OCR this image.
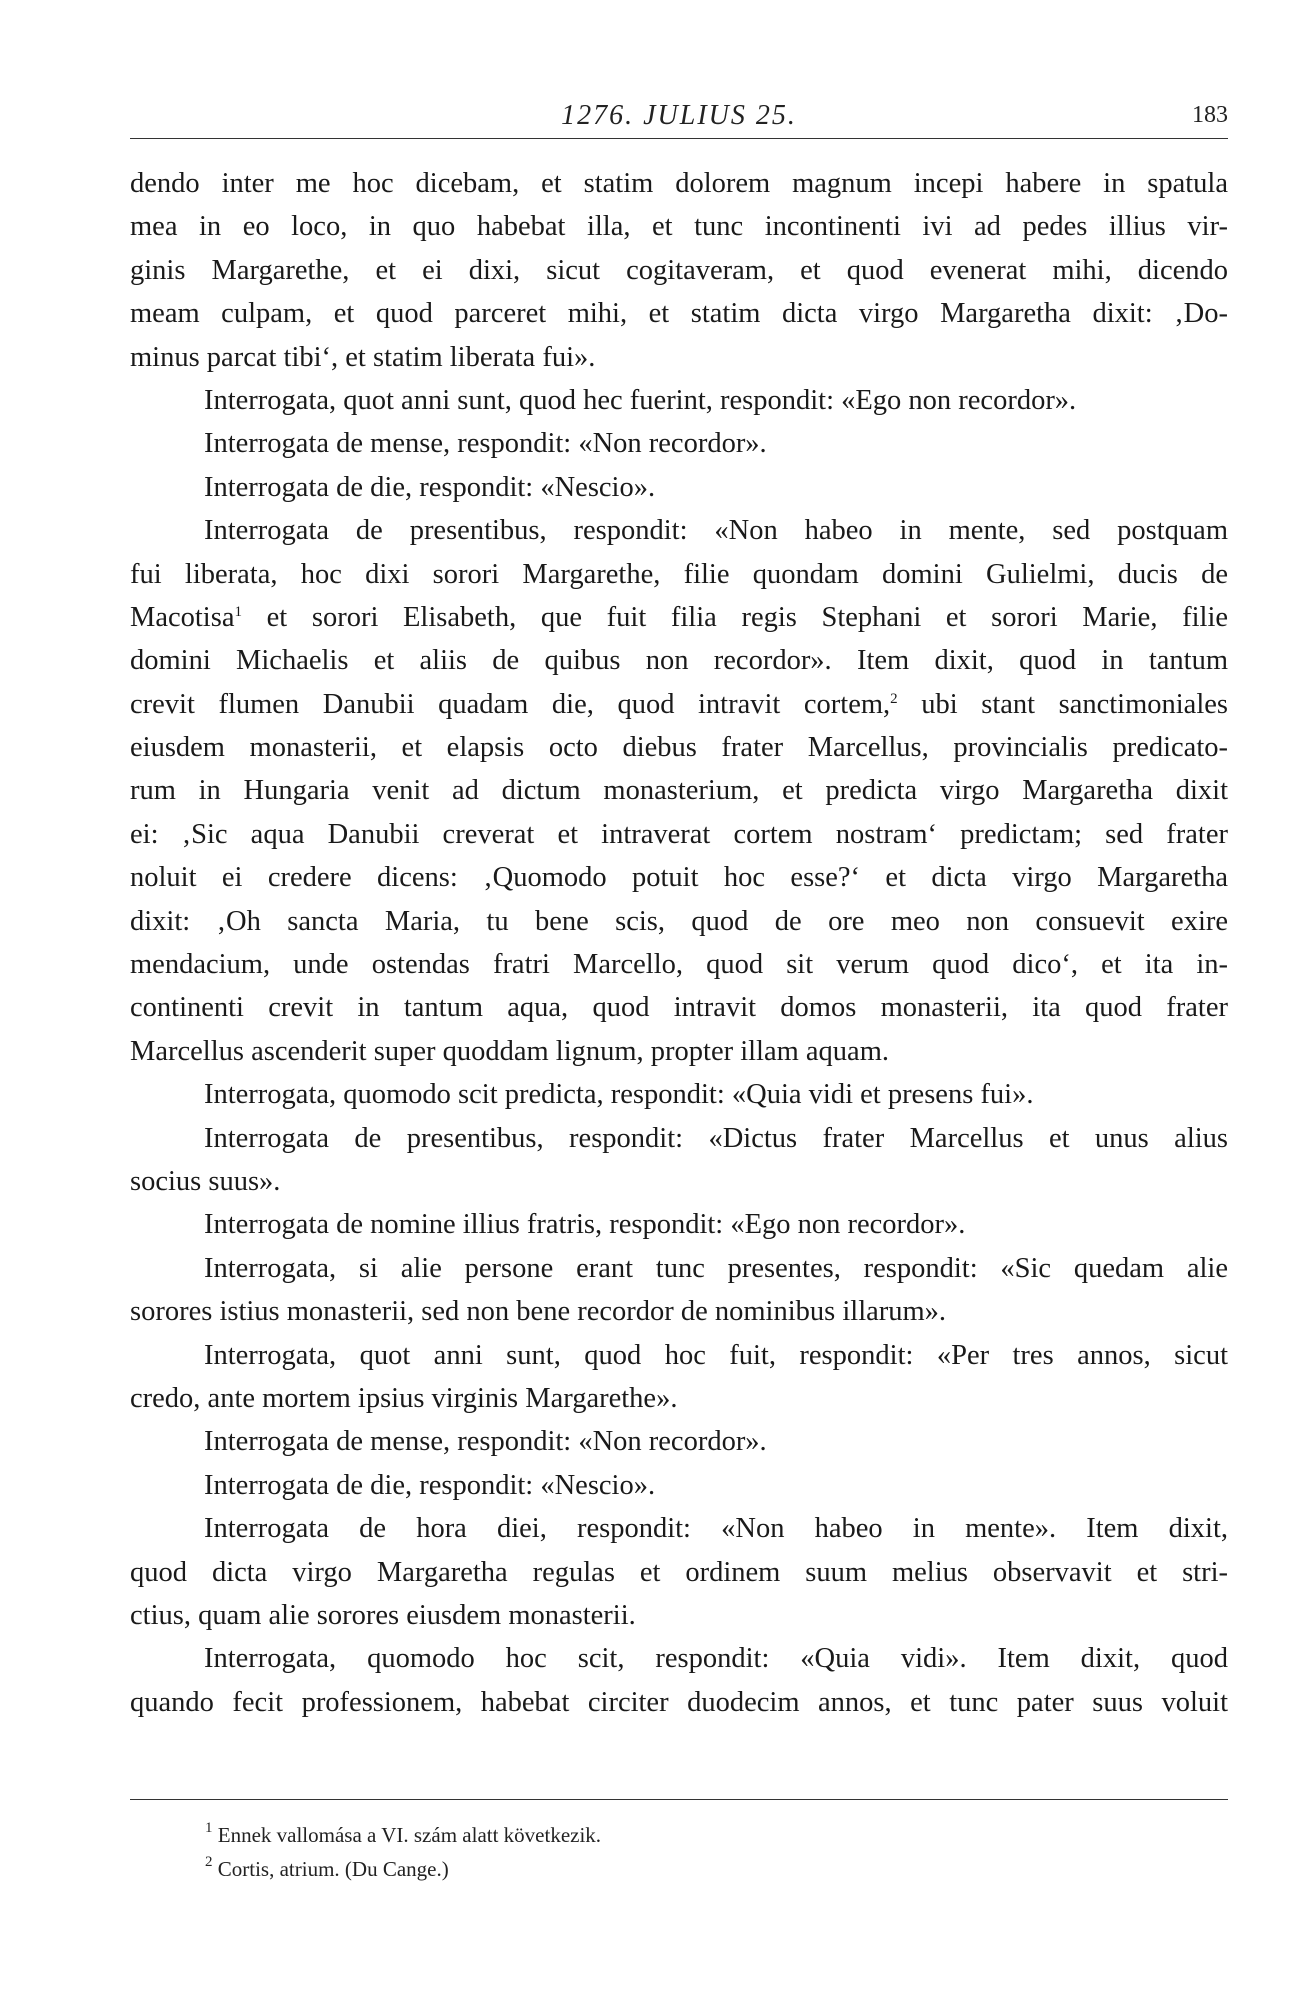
1276. JULIUS 25.	183
dendo inter me hoc dicebam, et statim dolorem magnum incepi habere in spatula
mea in eo loco, in quo habebat illa, et tunc incontinenti ivi ad pedes illius vir-
ginis Margarethe, et ei dixi, sicut cogitaveram, et quod evenerat mihi, dicendo
meam culpam, et quod parceret mihi, et statim dicta virgo Margaretha dixit: ‚Do-
minus parcat tibi‘, et statim liberata fui».
Interrogata, quot anni sunt, quod hec fuerint, respondit: «Ego non recordor».
Interrogata de mense, respondit: «Non recordor».
Interrogata de die, respondit: «Nescio».
Interrogata de presentibus, respondit: «Non habeo in mente, sed postquam
fui liberata, hoc dixi sorori Margarethe, filie quondam domini Gulielmi, ducis de
Macotisa$^1$ et sorori Elisabeth, que fuit filia regis Stephani et sorori Marie, filie
domini Michaelis et aliis de quibus non recordor». Item dixit, quod in tantum
crevit flumen Danubii quadam die, quod intravit cortem,$^2$ ubi stant sanctimoniales
eiusdem monasterii, et elapsis octo diebus frater Marcellus, provincialis predicato-
rum in Hungaria venit ad dictum monasterium, et predicta virgo Margaretha dixit
ei: ‚Sic aqua Danubii creverat et intraverat cortem nostram‘ predictam; sed frater
noluit ei credere dicens: ‚Quomodo potuit hoc esse?‘ et dicta virgo Margaretha
dixit: ‚Oh sancta Maria, tu bene scis, quod de ore meo non consuevit exire
mendacium, unde ostendas fratri Marcello, quod sit verum quod dico‘, et ita in-
continenti crevit in tantum aqua, quod intravit domos monasterii, ita quod frater
Marcellus ascenderit super quoddam lignum, propter illam aquam.
Interrogata, quomodo scit predicta, respondit: «Quia vidi et presens fui».
Interrogata de presentibus, respondit: «Dictus frater Marcellus et unus alius
socius suus».
Interrogata de nomine illius fratris, respondit: «Ego non recordor».
Interrogata, si alie persone erant tunc presentes, respondit: «Sic quedam alie
sorores istius monasterii, sed non bene recordor de nominibus illarum».
Interrogata, quot anni sunt, quod hoc fuit, respondit: «Per tres annos, sicut
credo, ante mortem ipsius virginis Margarethe».
Interrogata de mense, respondit: «Non recordor».
Interrogata de die, respondit: «Nescio».
Interrogata de hora diei, respondit: «Non habeo in mente». Item dixit,
quod dicta virgo Margaretha regulas et ordinem suum melius observavit et stri-
ctius, quam alie sorores eiusdem monasterii.
Interrogata, quomodo hoc scit, respondit: «Quia vidi». Item dixit, quod
quando fecit professionem, habebat circiter duodecim annos, et tunc pater suus voluit
$^1$ Ennek vallomása a VI. szám alatt következik.
$^2$ Cortis, atrium. (Du Cange.)
